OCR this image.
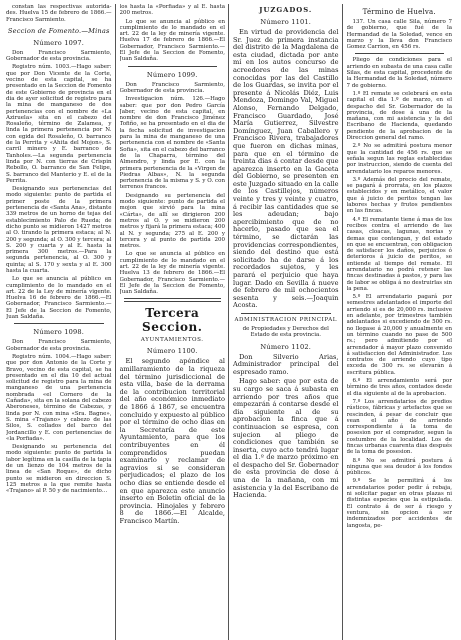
constan las respectivas autorida-des. Huelva 15 de febrero de 1866.—Francisco Sarmiento.

Seccion de Fomento.—Minas
Número 1097.

Don Francisco Sarmiento, Gobernador de esta provincia.

Registro núm. 1003.—Hago saber: que por Don Vicente de la Corte, vecino de esta capital, se ha presentado en la Seccion de Fomento de este Gobierno de provincia en el dia de ayer solicitud de registro para la mina de manganeso de dos pertenencias con el nombre de «La Aziruela» sita en el cabezo del Rosaleño, término de Zalamea, y linda la primera pertenencia por N. con egida del Rosaleño, O. barranco de la Perrita y «Ahita del Mojon», S. carril minero y E. barranco de Tanholes.—La segunda pertenencia linda por N. con tierras de Crispin Rebollo, O. barranco de San Felipe, S. barranco del Manterio y E. el de la Perrita.

Designando sus pertenencias del modo siguiente: punto de partida el primer poste de la primera pertenencia de «Santa Ana», distante 339 metros de un horno de tejas del establecimiento Palo de Rueda; de dicho punto se midieron 1427 metros al O. tirando la primera estaca; al N. 200 y segunda; al O. 300 y tercera; al S. 200 y cuarta y al E. hasta la primera 300 metros.—Para la segunda pertenencia, al O. 300 y quinta; al S. 170 y sexta y al E. 300 hasta la cuarta.

Lo que se anuncia al público en cumplimiento de lo mandado en el art. 22 de la Ley de minería vigente. Huelva 16 de febrero de 1866.—El Gobernador, Francisco Sarmiento.—El Jefe de la Seccion de Fomento, Juan Saldaña.

Número 1098.

Don Francisco Sarmiento, Gobernador de esta provincia.

Registro núm. 1004.—Hago saber: que por don Antonio de la Corte y Bravo, vecino de esta capital, se ha presentado en el dia 10 del actual solicitud de registro para la mina de manganeso de una pertenencia nombrada «el Cornero de la Cañada», sita en la solana del cabezo Aberoneses, término de Cabezas, y linda por N. con mina «Sra. Bagne», S. mina «Trajano» y cabezo de las Silos, S. collados del barco del Jordancillo y E. con pertenencias de «la Porfiada».

Designando su pertenencia del modo siguiente: punto de partida la labor legítima en la casilla de la tapia de un lienzo de 104 metros de la linea de «San Roque», de dicho punto se midieron en direccion S. 125 metros a la que remite hasta «Trajano» al P. 50 y de nacimiento…

los hasta la «Porfiada» y al E. hasta 200 metros.

Lo que se anuncia al público en cumplimiento de lo mandado en el art. 22 de la ley de minería vigente. Huelva 17 de febrero de 1866.—El Gobernador, Francisco Sarmiento.—El Jefe de la Seccion de Fomento, Juan Saldaña.

Número 1099.

Don Francisco Sarmiento, Gobernador de esta provincia.

Investigacion núm. 126.—Hago saber: que por don Pedro García Jaber, vecino de esta capital, en nombre de don Francisco Jiménez Tofiño, se ha presentado en el dia de la fecha solicitud de investigacion para la mina de manganeso de una pertenencia con el nombre de «Santa Sofia», sita en el cabezo del barranco de la Chaparra, término del Almendro, y linda por E. con la primera pertenencia de la «Virgen de Piedras Albas», N. la segunda pertenencia de la misma y S. y O. con terrenos francos.

Designando su pertenencia del modo siguiente: punto de partida el mojon que sirvió para la mina «Cárta», de allí se dirigieron 200 metros al O. y se midieron 200 metros y fijará la primera estaca; 400 al N. y segunda; 275 al E. 200 y tercera y al punto de partida 200 metros.

Lo que se anuncia al público en cumplimiento de lo mandado en el art. 22 de la ley de minería vigente. Huelva 13 de febrero de 1866.—El Gobernador, Francisco Sarmiento.—El Jefe de la Seccion de Fomento, Juan Saldaña.

Tercera Seccion.
AYUNTAMIENTOS.
Número 1100.

El segundo apéndice al amillaramiento de la riqueza del término jurisdiccional de esta villa, base de la derrama de la contribucion territorial del año económico inmediato de 1866 á 1867, se encuentra concluido y expuesto al público por el término de ocho dias en la Secretaría de este Ayuntamiento, para que los contribuyentes en él comprendidos puedan examinarlo y reclamar de agravios si se consideran perjudicados; el plazo de los ocho dias se entiende desde el en que aparezca este anuncio inserto en Boletin oficial de la provincia. Hinojales y febrero 8 de 1866.—El Alcalde, Francisco Martín.

JUZGADOS.
Número 1101.

En virtud de providencia del Sr. Juez de primera instancia del distrito de la Magdalena de esta ciudad, dictada por ante mí en los autos concurso de acreedores de las minas conocidas por las del Castillo de los Guardas, se invita por el presente á Nicolás Diéz, Luis Mendoza, Domingo Val, Miguel Alonso, Fernando Delgado, Francisco Guardado, José María Gutierrez, Silvestre Domínguez, Juan Caballero y Francisco Rivera, trabajadores que fueron en dichas minas, para que en el término de treinta dias á contar desde que aparezca inserto en la Gaceta del Gobierno, se presenten en este Juzgado situado en la calle de los Castillejos, números veinte y tres y veinte y cuatro, á recibir las cantidades que se les adeudan; bajo apercibimiento que de no hacerlo, pasado que sea el término, se dictarán las providencias correspondientes, siendo del destino que está solicitado ha de darse á los recordados sujetos, y les parará el perjuicio que haya lugar. Dado en Sevilla á nueve de febrero de mil ochocientos sesenta y seis.—Joaquin Acosta.

ADMINISTRACION PRINCIPAL

de Propiedades y Derechos del Estado de esta provincia.

Número 1102.

Don Silverio Arias, Administrador principal del espresado ramo.

Hago saber: que por esta de su cargo se saca á subasta en arriendo por tres años que empezarán á contarse desde el dia siguiente al de su aprobacion la finca que á continuacion se espresa, con sujecion al pliego de condiciones que también se inserta, cuyo acto tendrá lugar el dia 1.º de marzo próximo en el despacho del Sr. Gobernador de esta provincia de dose á una de la mañana, con mi asistencia y la del Escribano de Hacienda.

Término de Huelva.

137. Un casa calle Sila, número 7 de gobierno, que fué de la Hermandad de la Soledad, vence en marzo y la lleva don Francisco Gomez Carrion, en 456 rs.

Pliego de condiciones para el arriendo en subasta de una casa calle Silas, de esta capital, procedente de la Hermandad de la Soledad, número 7 de gobierno.

1.º El remate se celebrará en esta capital el dia 1.º de marzo, en el despacho del Sr. Gobernador de la provincia, de dose á una de la mañana, con mi asistencia y la del Escribano de Hacienda, quedando pendiente de la aprobacion de la Direccion general del ramo.

2.º No se admitirá postura menor que la cantidad de 456 rs. que se señala segun las reglas establecidas por instruccion, siendo de cuenta del arrendatario los reparos menores.

3.º Además del precio del remate, se pagará á prorrata, en los plazos establecidos y en metálico, el valor que á juicio de peritos tengan las labores hechas y frutos pendientes en las fincas.

4.º El rematante tiene á mas de los recibos contra el arriendo de las casas, cloacas, lagunas, norias y demas que contengan, y del estado en que se encuentran, con obligacion de satisfacer los daños, perjuicios ó deterioros á juicio de peritos, se entiende al tiempo del remate. El arrendatario no podrá retener las fincas destinadas á pastos, y para las de labor se obliga á no destruirlas sin la pena.

5.º El arrendatario pagará por semestres adelantados el importe del arriendo si es de 20,000 rs. inclusive en adelante, por trimestres también adelantados si excediendo de 500 rs. no llegase á 20,000 y anualmente en un término cuando no pase de 500 rs.; pero admitiendo por el arrendador á mayor plazo convenido á satisfaccion del Administrador. Los contratos de arriendo cuyo tipo exceda de 300 rs. se elevarán á escritura pública.

6.º El arrendamiento será por término de tres años, contados desde el dia siguiente al de la aprobacion.

7.º Los arrendatarios de predios rústicos, fábricas y artefactos que se rescinden, á pesar de concluir que vean el año de arriendo correspondiente á la toma de posesion por el comprador, segun la costumbre de la localidad. Los de fincas urbanas cuarenta dias después de la toma de posesion.

8.º No se admitirá postura á ninguna que sea deudor á los fondos públicos.

9.º Se le permitirá á los arrendatarios poder pedir á rebaja, ni solicitar pagar en otras plazas ni distintas especies que la estipulada. El contrato á de ser á riesgo y ventura, sin opcion á ser indemnizados por accidentes de langosta, pe-
